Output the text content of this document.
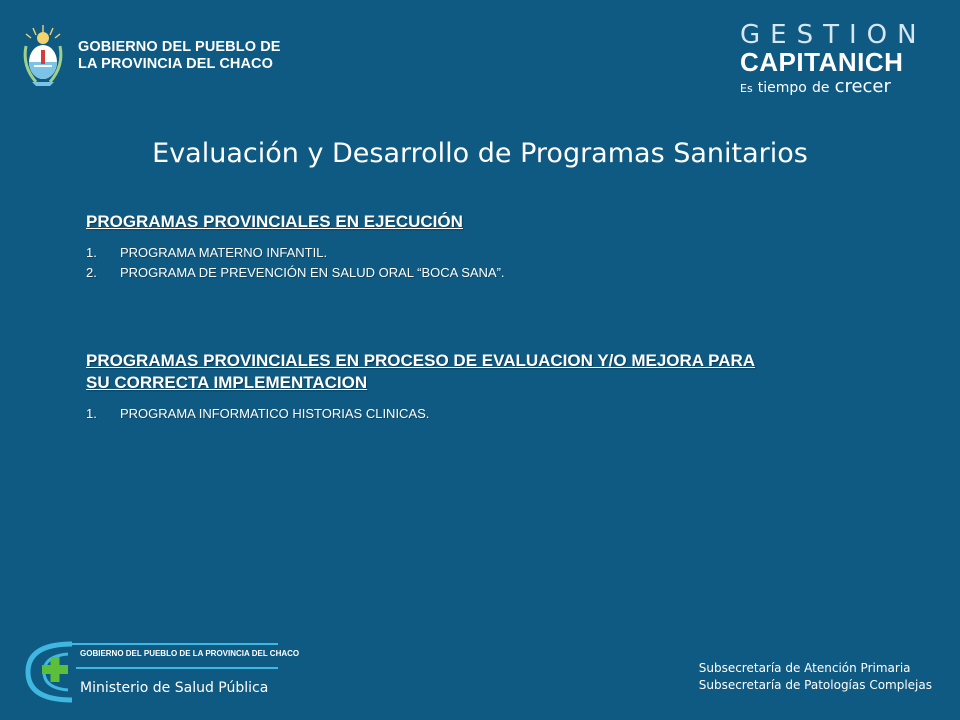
GOBIERNO DEL PUEBLO DE
LA PROVINCIA DEL CHACO
GESTION
CAPITANICH
Es tiempo de crecer
Evaluación y Desarrollo de Programas Sanitarios
PROGRAMAS PROVINCIALES EN EJECUCIÓN
1.	PROGRAMA MATERNO INFANTIL.
2.	PROGRAMA DE PREVENCIÓN EN SALUD ORAL “BOCA SANA”.
PROGRAMAS PROVINCIALES EN PROCESO DE EVALUACION Y/O MEJORA PARA
SU CORRECTA IMPLEMENTACION
1.	PROGRAMA INFORMATICO HISTORIAS CLINICAS.
GOBIERNO DEL PUEBLO DE LA PROVINCIA DEL CHACO
Ministerio de Salud Pública
Subsecretaría de Atención Primaria
Subsecretaría de Patologías Complejas
